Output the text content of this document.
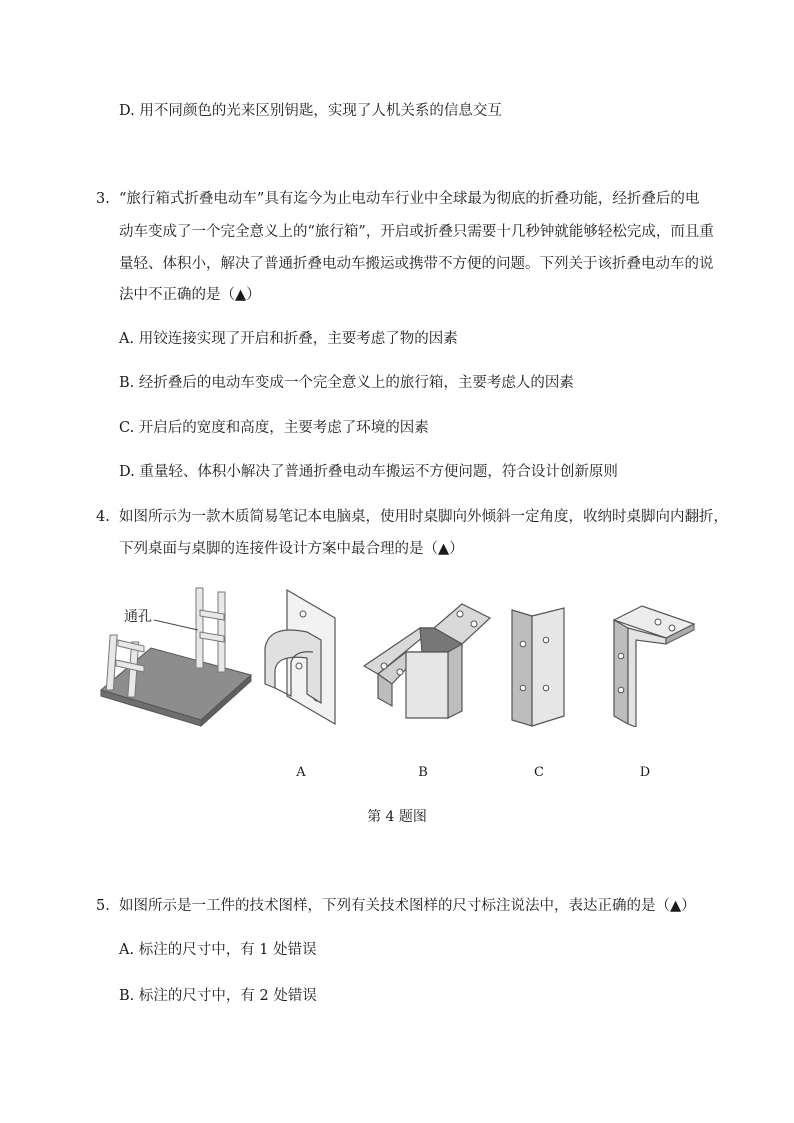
D. 用不同颜色的光来区别钥匙，实现了人机关系的信息交互
3. “旅行箱式折叠电动车”具有迄今为止电动车行业中全球最为彻底的折叠功能，经折叠后的电
动车变成了一个完全意义上的“旅行箱”，开启或折叠只需要十几秒钟就能够轻松完成，而且重
量轻、体积小，解决了普通折叠电动车搬运或携带不方便的问题。下列关于该折叠电动车的说
法中不正确的是（▲）
A. 用铰连接实现了开启和折叠，主要考虑了物的因素
B. 经折叠后的电动车变成一个完全意义上的旅行箱，主要考虑人的因素
C. 开启后的宽度和高度，主要考虑了环境的因素
D. 重量轻、体积小解决了普通折叠电动车搬运不方便问题，符合设计创新原则
4. 如图所示为一款木质简易笔记本电脑桌，使用时桌脚向外倾斜一定角度，收纳时桌脚向内翻折，
下列桌面与桌脚的连接件设计方案中最合理的是（▲）
通孔
A	B	C	D
第 4 题图
5. 如图所示是一工件的技术图样，下列有关技术图样的尺寸标注说法中，表达正确的是（▲）
A. 标注的尺寸中，有 1 处错误
B. 标注的尺寸中，有 2 处错误
